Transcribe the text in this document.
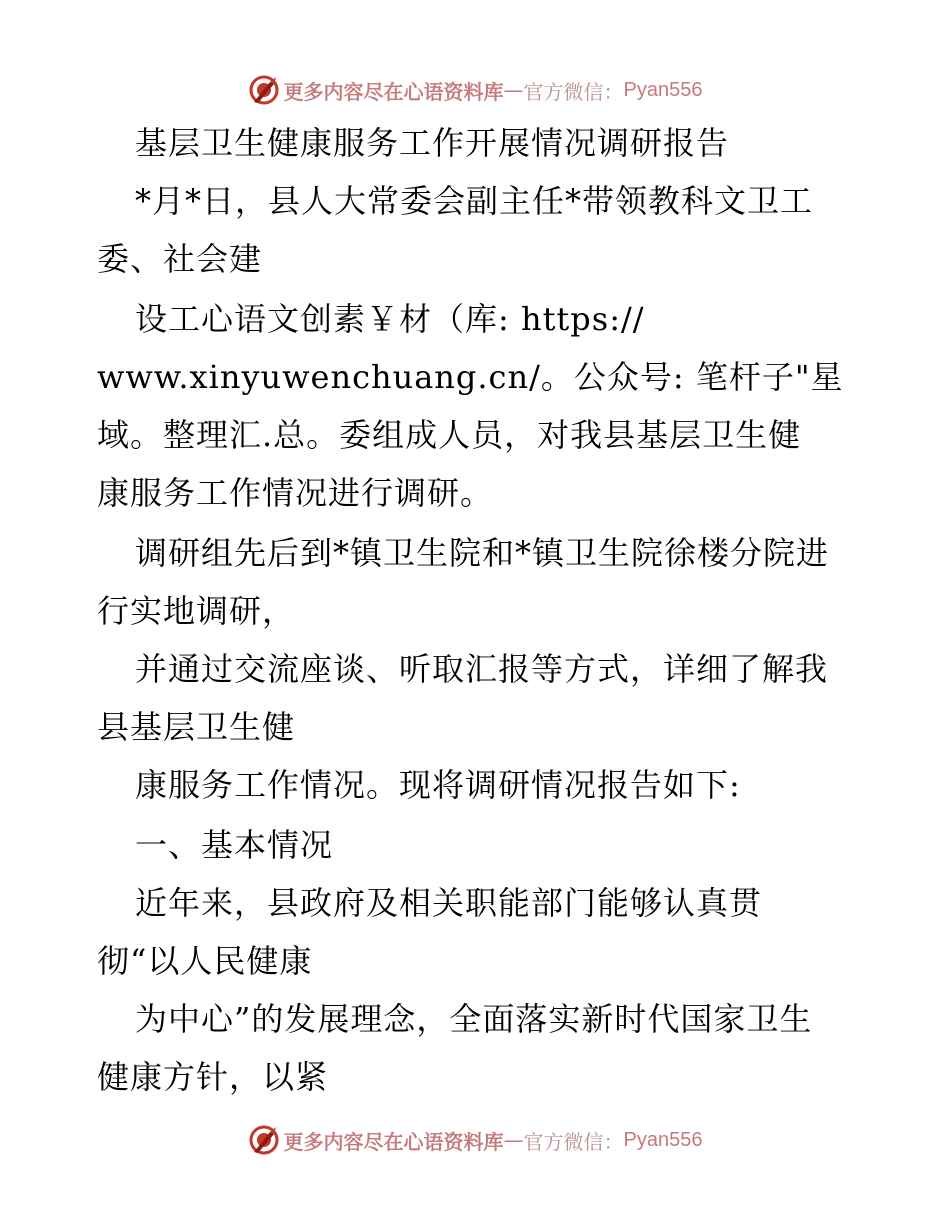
更多内容尽在心语资料库 — 官方微信： Pyan556
基层卫生健康服务工作开展情况调研报告
*月*日，县人大常委会副主任*带领教科文卫工
委、社会建
设工心语文创素￥材（库: https://
www.xinyuwenchuang.cn/。公众号: 笔杆子"星
域。整理汇.总。委组成人员，对我县基层卫生健
康服务工作情况进行调研。
调研组先后到*镇卫生院和*镇卫生院徐楼分院进
行实地调研，
并通过交流座谈、听取汇报等方式，详细了解我
县基层卫生健
康服务工作情况。现将调研情况报告如下:
一、基本情况
近年来，县政府及相关职能部门能够认真贯
彻“以人民健康
为中心”的发展理念，全面落实新时代国家卫生
健康方针，以紧
更多内容尽在心语资料库 — 官方微信： Pyan556
